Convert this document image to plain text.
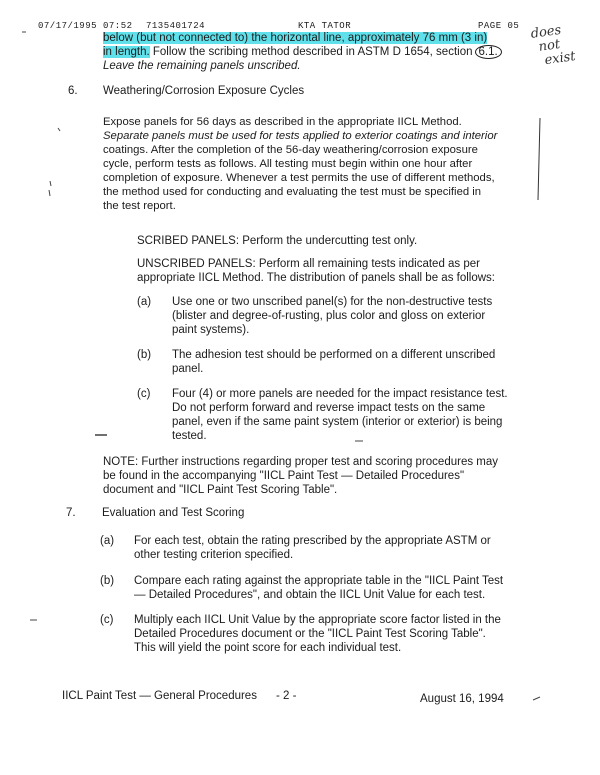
07/17/1995 07:52 7135401724	KTA TATOR	PAGE 05 does
not
exist
below (but not connected to) the horizontal line, approximately 76 mm (3 in)
in length. Follow the scribing method described in ASTM D 1654, section 6.1.
Leave the remaining panels unscribed.
6. Weathering/Corrosion Exposure Cycles
Expose panels for 56 days as described in the appropriate IICL Method.
Separate panels must be used for tests applied to exterior coatings and interior
coatings. After the completion of the 56-day weathering/corrosion exposure
cycle, perform tests as follows. All testing must begin within one hour after
completion of exposure. Whenever a test permits the use of different methods,
the method used for conducting and evaluating the test must be specified in
the test report.
SCRIBED PANELS: Perform the undercutting test only.
UNSCRIBED PANELS: Perform all remaining tests indicated as per
appropriate IICL Method. The distribution of panels shall be as follows:
(a) Use one or two unscribed panel(s) for the non-destructive tests
(blister and degree-of-rusting, plus color and gloss on exterior
paint systems).
(b) The adhesion test should be performed on a different unscribed
panel.
(c) Four (4) or more panels are needed for the impact resistance test.
Do not perform forward and reverse impact tests on the same
panel, even if the same paint system (interior or exterior) is being
tested.
NOTE: Further instructions regarding proper test and scoring procedures may
be found in the accompanying "IICL Paint Test — Detailed Procedures"
document and "IICL Paint Test Scoring Table".
7. Evaluation and Test Scoring
(a) For each test, obtain the rating prescribed by the appropriate ASTM or
other testing criterion specified.
(b) Compare each rating against the appropriate table in the "IICL Paint Test
— Detailed Procedures", and obtain the IICL Unit Value for each test.
(c) Multiply each IICL Unit Value by the appropriate score factor listed in the
Detailed Procedures document or the "IICL Paint Test Scoring Table".
This will yield the point score for each individual test.
IICL Paint Test — General Procedures - 2 -	August 16, 1994
